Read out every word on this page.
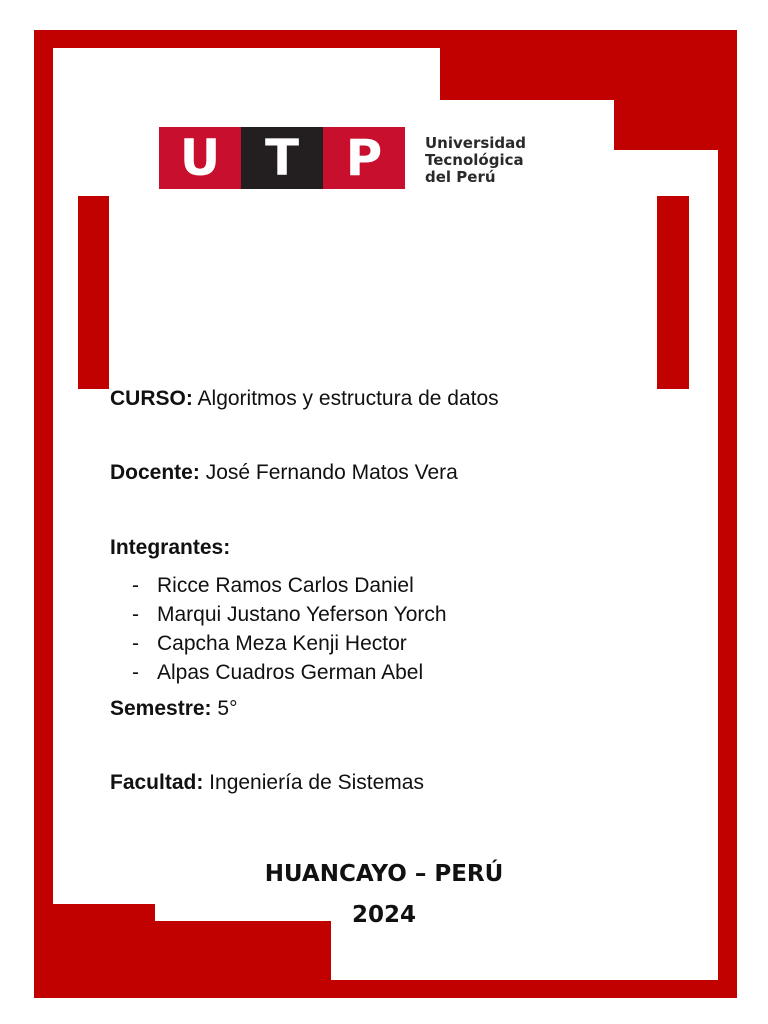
U T P	Universidad
Tecnológica
del Perú
CURSO: Algoritmos y estructura de datos
Docente: José Fernando Matos Vera
Integrantes:
- Ricce Ramos Carlos Daniel
- Marqui Justano Yeferson Yorch
- Capcha Meza Kenji Hector
- Alpas Cuadros German Abel
Semestre: 5°
Facultad: Ingeniería de Sistemas
HUANCAYO – PERÚ
2024
